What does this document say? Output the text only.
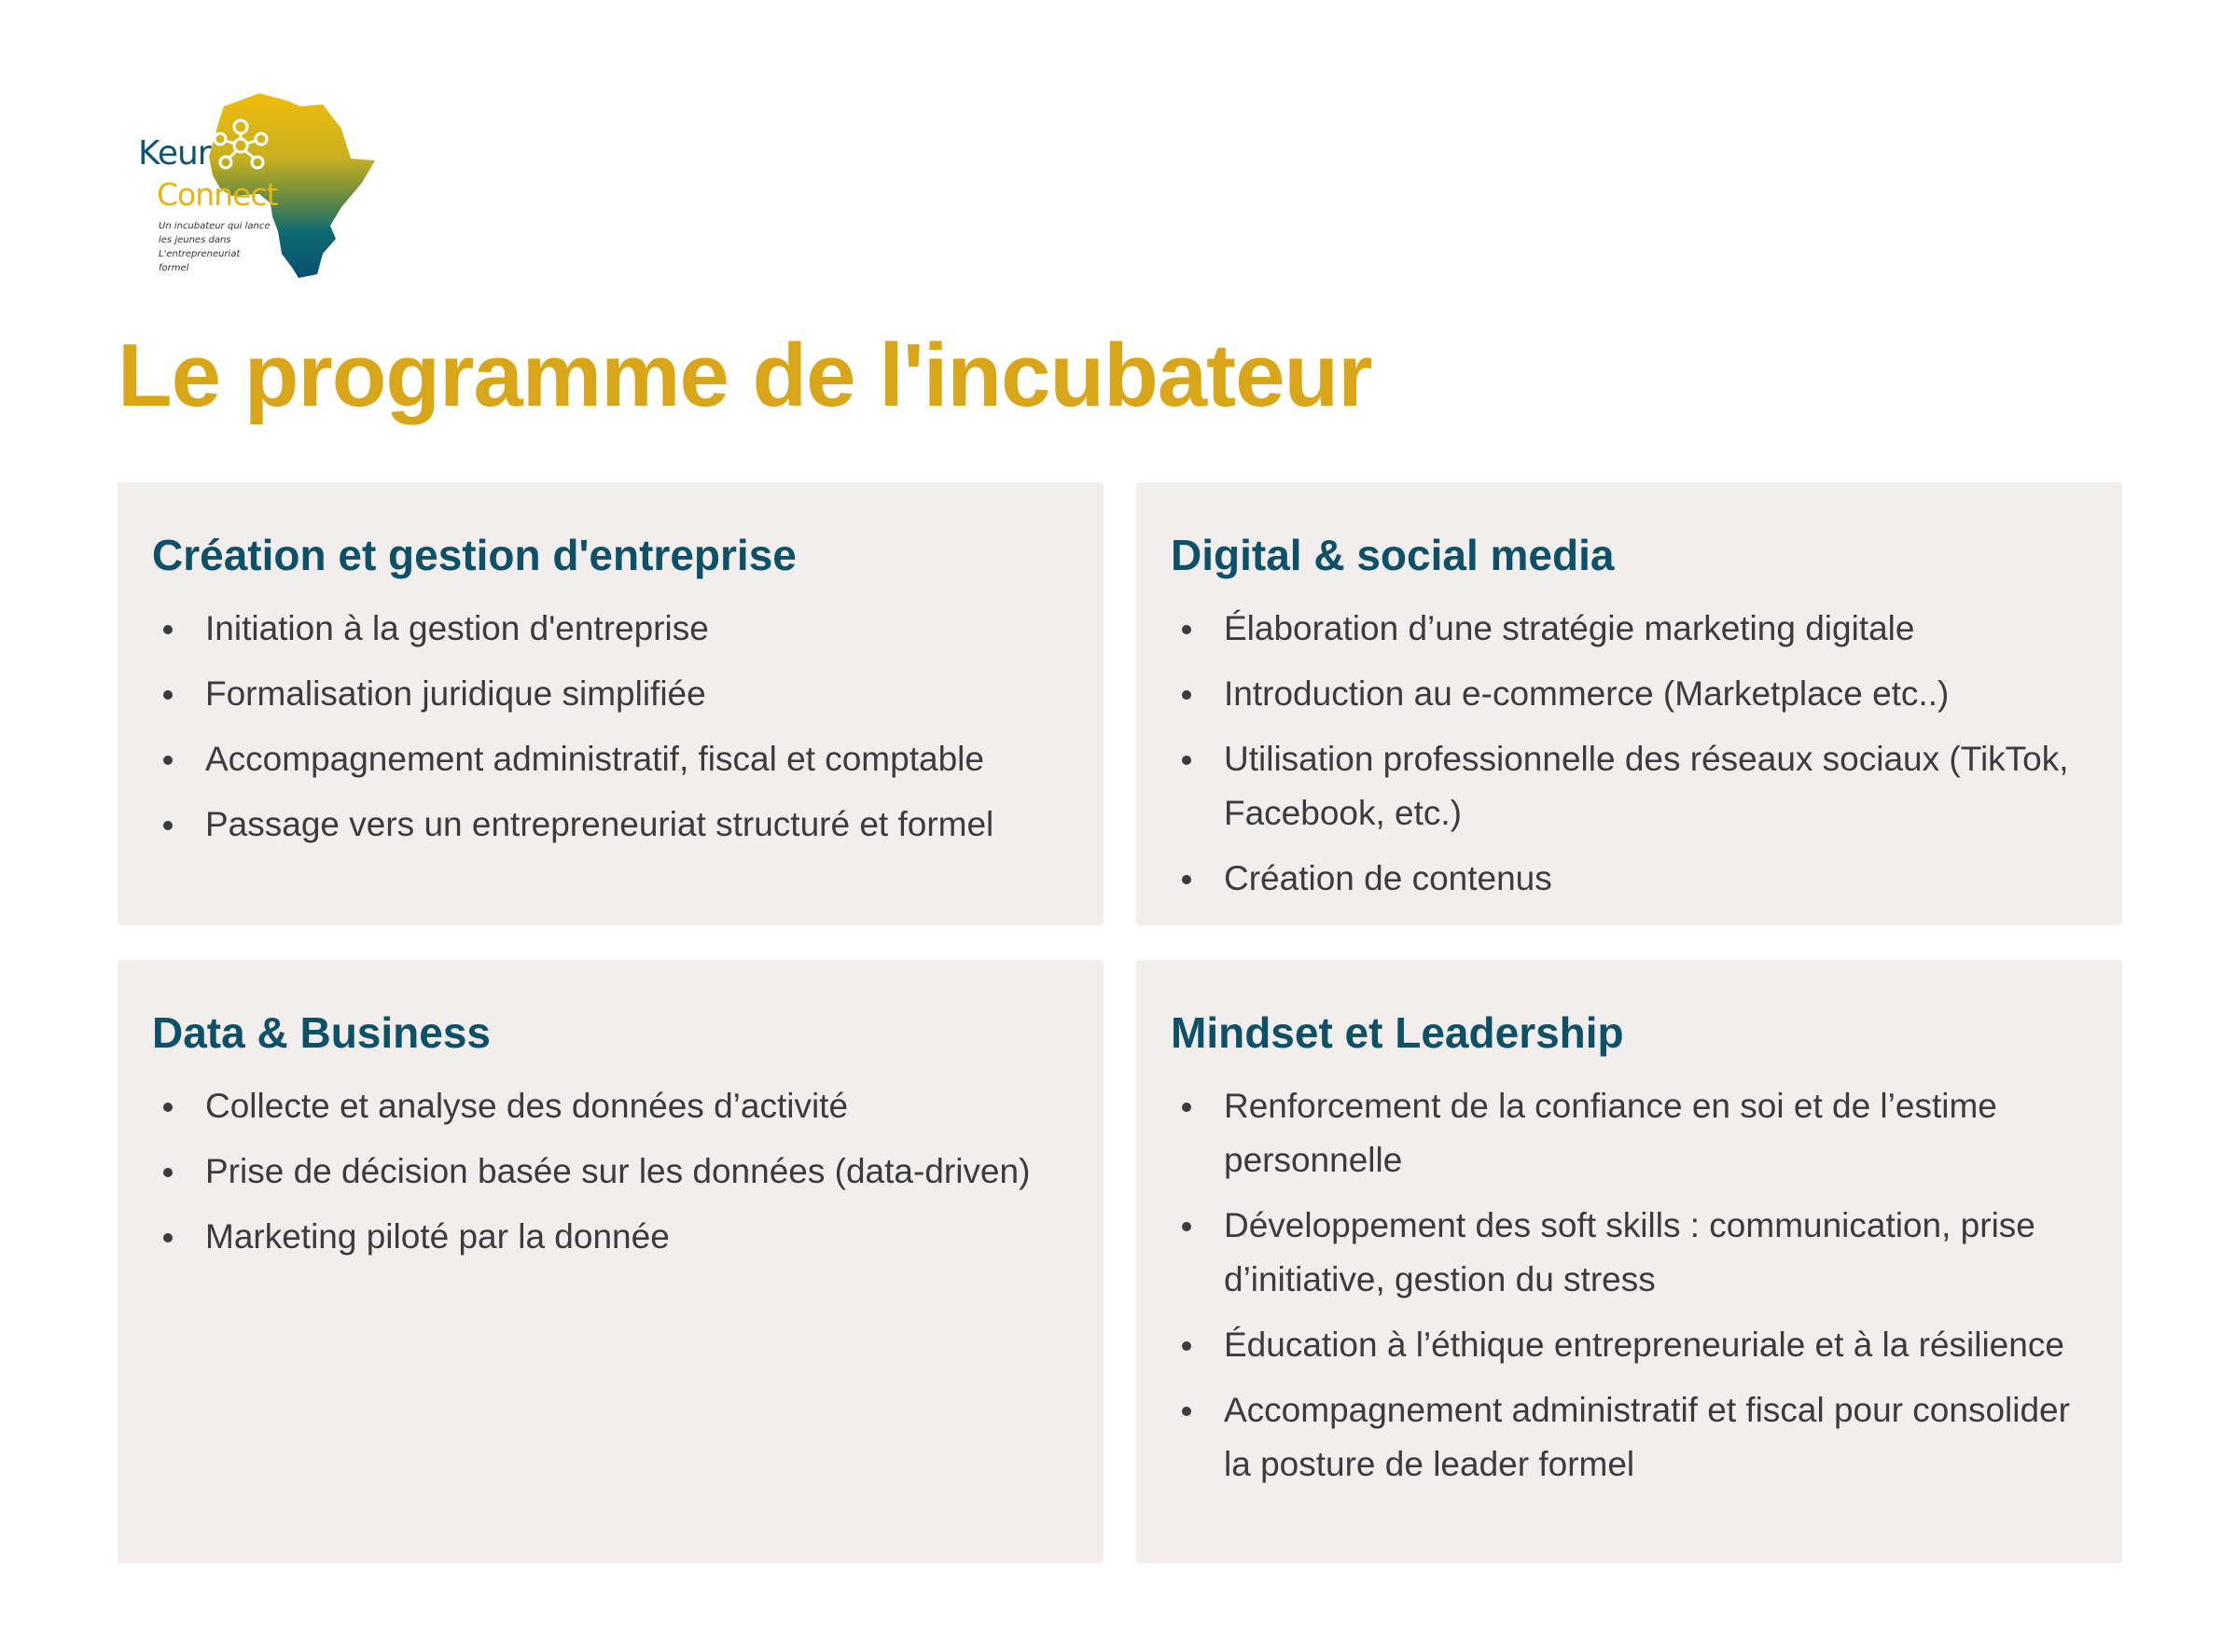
Keur
Connect
Un incubateur qui lance les jeunes dans L'entrepreneuriat formel
Le programme de l'incubateur
Création et gestion d'entreprise
Initiation à la gestion d'entreprise
Formalisation juridique simplifiée
Accompagnement administratif, fiscal et comptable
Passage vers un entrepreneuriat structuré et formel
Digital & social media
Élaboration d’une stratégie marketing digitale
Introduction au e-commerce (Marketplace etc..)
Utilisation professionnelle des réseaux sociaux (TikTok, Facebook, etc.)
Création de contenus
Data & Business
Collecte et analyse des données d’activité
Prise de décision basée sur les données (data-driven)
Marketing piloté par la donnée
Mindset et Leadership
Renforcement de la confiance en soi et de l’estime personnelle
Développement des soft skills : communication, prise d’initiative, gestion du stress
Éducation à l’éthique entrepreneuriale et à la résilience
Accompagnement administratif et fiscal pour consolider la posture de leader formel
